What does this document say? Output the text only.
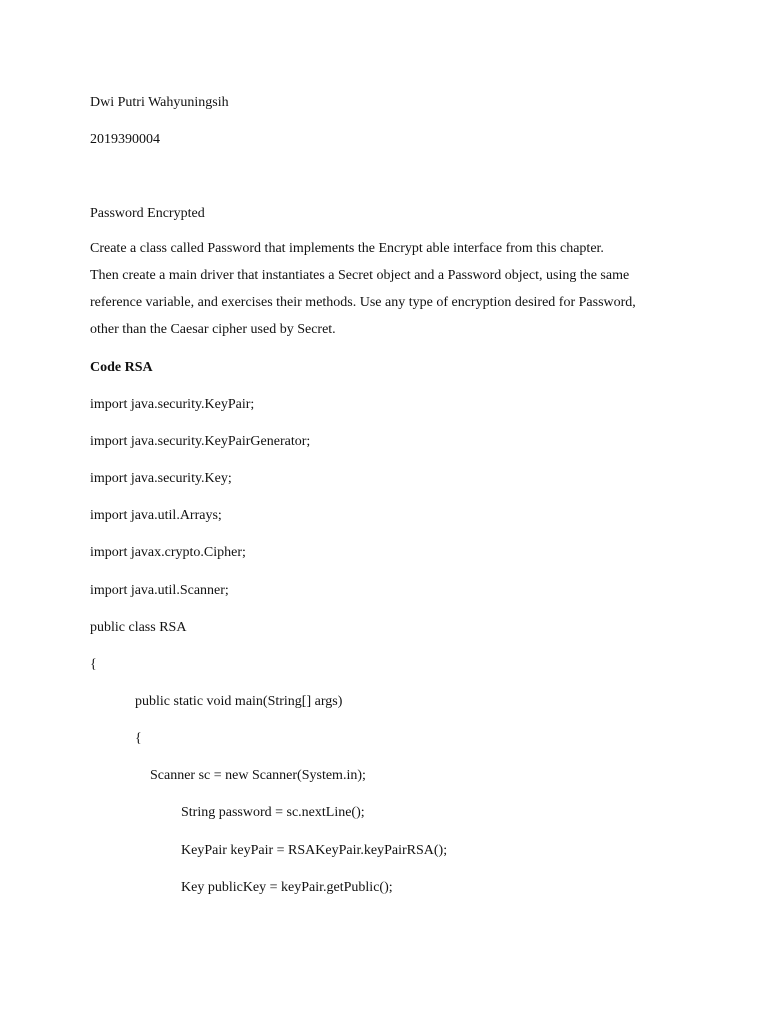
Dwi Putri Wahyuningsih
2019390004
Password Encrypted
Create a class called Password that implements the Encrypt able interface from this chapter.
Then create a main driver that instantiates a Secret object and a Password object, using the same
reference variable, and exercises their methods. Use any type of encryption desired for Password,
other than the Caesar cipher used by Secret.
Code RSA
import java.security.KeyPair;
import java.security.KeyPairGenerator;
import java.security.Key;
import java.util.Arrays;
import javax.crypto.Cipher;
import java.util.Scanner;
public class RSA
{
public static void main(String[] args)
{
Scanner sc = new Scanner(System.in);
String password = sc.nextLine();
KeyPair keyPair = RSAKeyPair.keyPairRSA();
Key publicKey = keyPair.getPublic();
